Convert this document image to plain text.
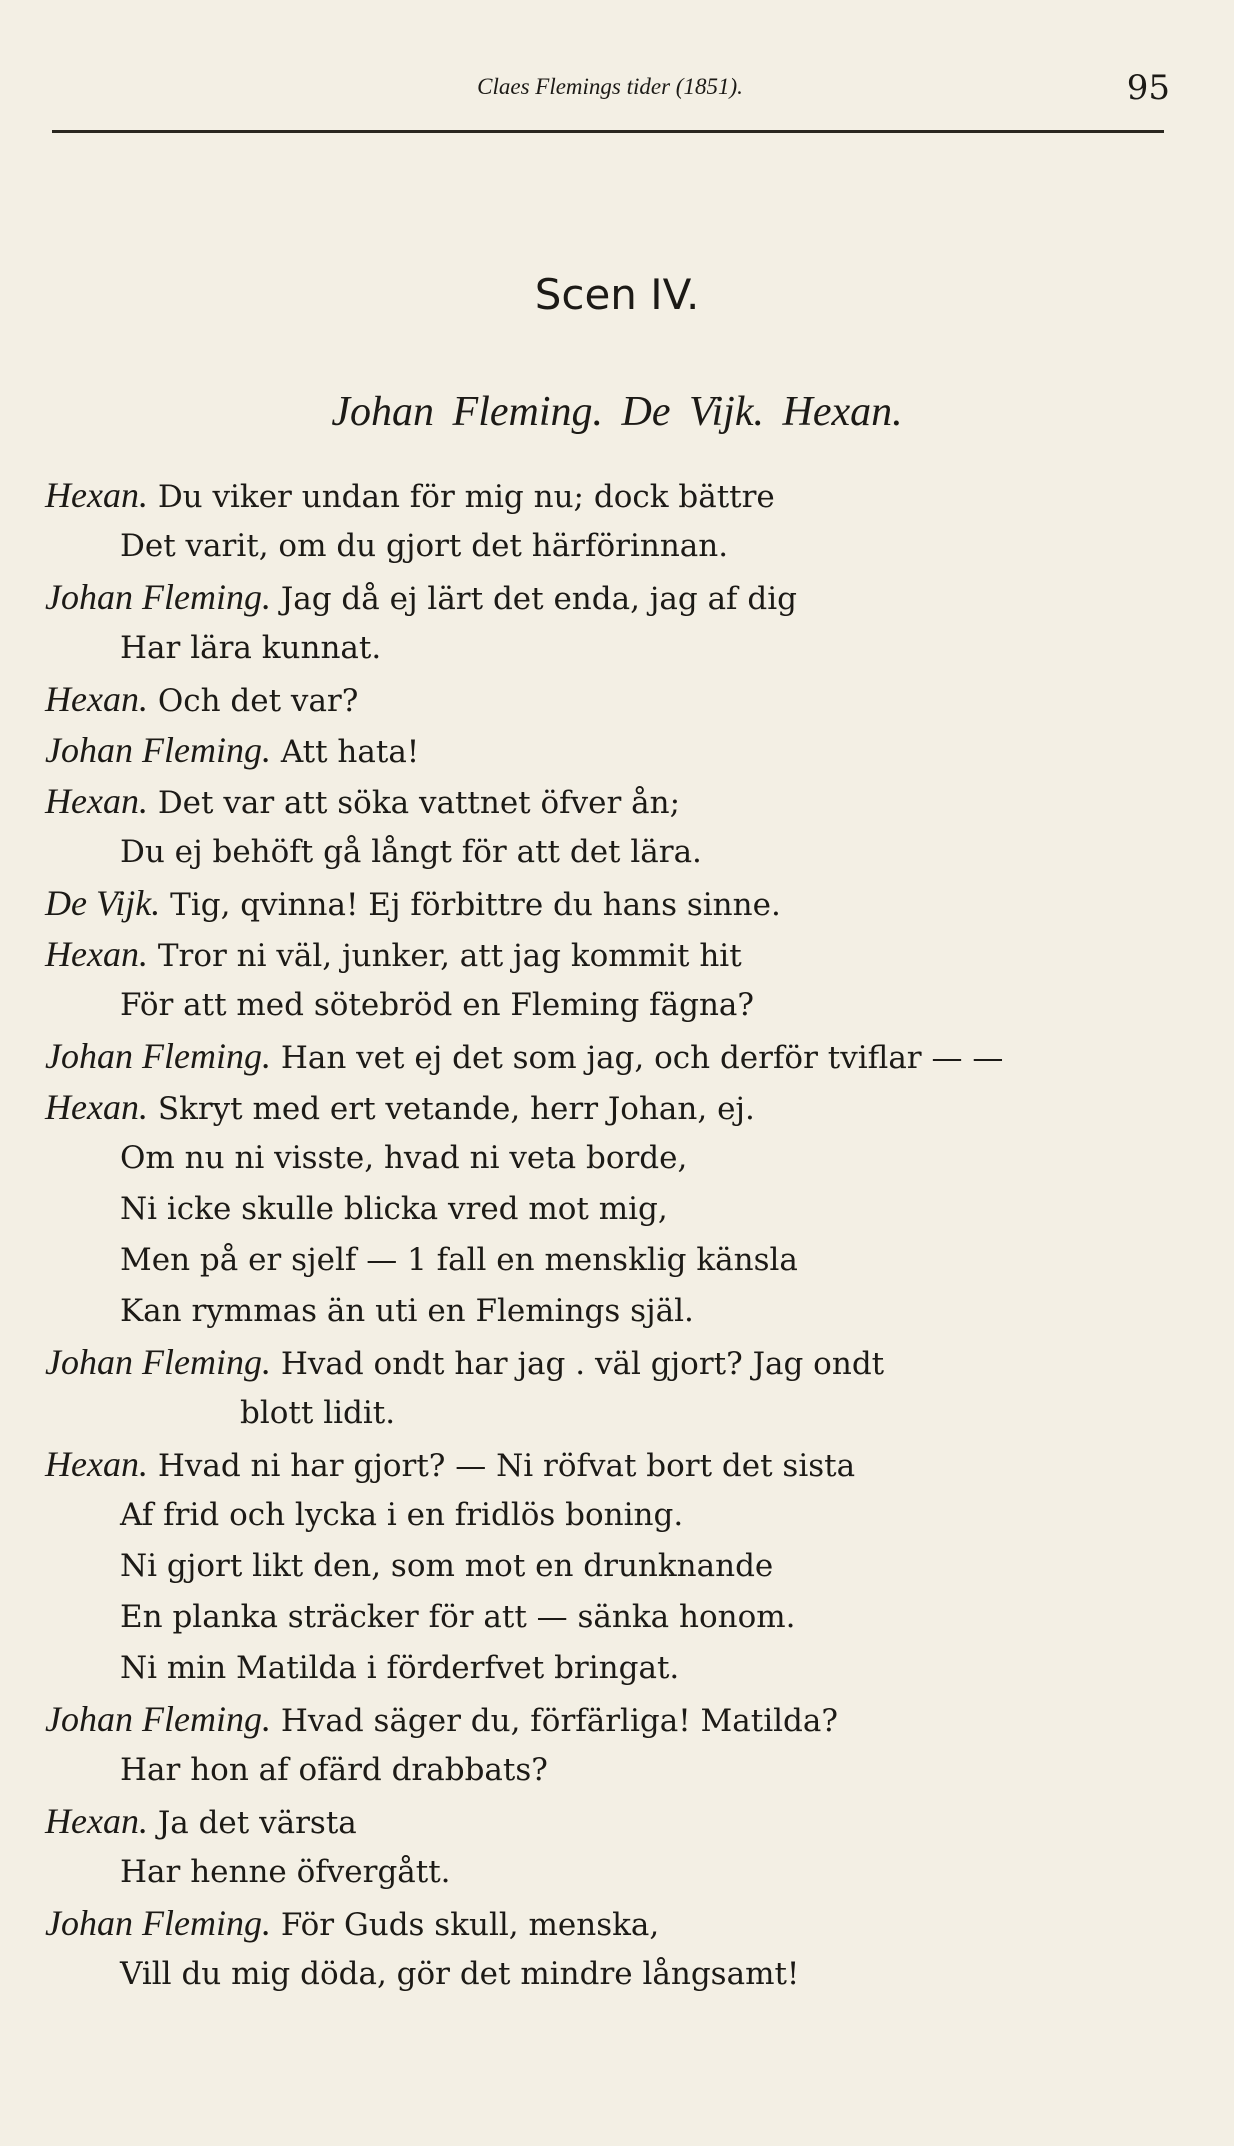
Claes Flemings tider (1851).	95
Scen IV.
Johan Fleming. De Vijk. Hexan.
Hexan. Du viker undan för mig nu; dock bättre
Det varit, om du gjort det härförinnan.
Johan Fleming. Jag då ej lärt det enda, jag af dig
Har lära kunnat.
Hexan. Och det var?
Johan Fleming. Att hata!
Hexan. Det var att söka vattnet öfver ån;
Du ej behöft gå långt för att det lära.
De Vijk. Tig, qvinna! Ej förbittre du hans sinne.
Hexan. Tror ni väl, junker, att jag kommit hit
För att med sötebröd en Fleming fägna?
Johan Fleming. Han vet ej det som jag, och derför tviflar — —
Hexan. Skryt med ert vetande, herr Johan, ej.
Om nu ni visste, hvad ni veta borde,
Ni icke skulle blicka vred mot mig,
Men på er sjelf — 1 fall en mensklig känsla
Kan rymmas än uti en Flemings själ.
Johan Fleming. Hvad ondt har jag . väl gjort? Jag ondt
blott lidit.
Hexan. Hvad ni har gjort? — Ni röfvat bort det sista
Af frid och lycka i en fridlös boning.
Ni gjort likt den, som mot en drunknande
En planka sträcker för att — sänka honom.
Ni min Matilda i förderfvet bringat.
Johan Fleming. Hvad säger du, förfärliga! Matilda?
Har hon af ofärd drabbats?
Hexan. Ja det värsta
Har henne öfvergått.
Johan Fleming. För Guds skull, menska,
Vill du mig döda, gör det mindre långsamt!
